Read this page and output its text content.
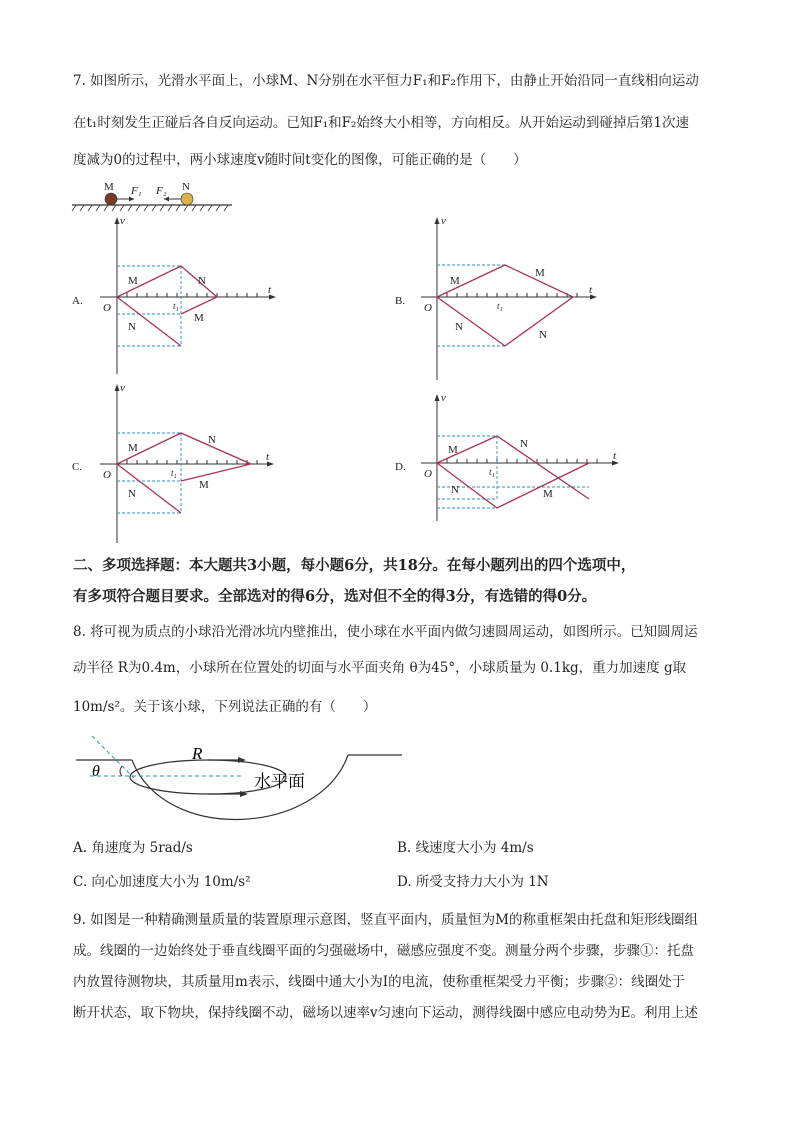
7. 如图所示，光滑水平面上，小球M、N分别在水平恒力F₁和F₂作用下，由静止开始沿同一直线相向运动
在t₁时刻发生正碰后各自反向运动。已知F₁和F₂始终大小相等，方向相反。从开始运动到碰掉后第1次速
度减为0的过程中，两小球速度v随时间t变化的图像，可能正确的是（　　）
M	N
F₁ F₂
A.
v
t
O	t₁
M	N
N
M
B.
v
t
O	t₁
M
M
N
N
C.
v
t
O	t₁
M
N
N
M
D.
v
t
O	t₁
M	N
N	M
二、多项选择题：本大题共3小题，每小题6分，共18分。在每小题列出的四个选项中，
有多项符合题目要求。全部选对的得6分，选对但不全的得3分，有选错的得0分。
8. 将可视为质点的小球沿光滑冰坑内壁推出，使小球在水平面内做匀速圆周运动，如图所示。已知圆周运
动半径 R为0.4m，小球所在位置处的切面与水平面夹角 θ为45°，小球质量为 0.1kg，重力加速度 g取
10m/s²。关于该小球，下列说法正确的有（　　）
R
θ
水平面
A. 角速度为 5rad/s	B. 线速度大小为 4m/s
C. 向心加速度大小为 10m/s²	D. 所受支持力大小为 1N
9. 如图是一种精确测量质量的装置原理示意图，竖直平面内，质量恒为M的称重框架由托盘和矩形线圈组
成。线圈的一边始终处于垂直线圈平面的匀强磁场中，磁感应强度不变。测量分两个步骤，步骤①：托盘
内放置待测物块，其质量用m表示，线圈中通大小为I的电流，使称重框架受力平衡；步骤②：线圈处于
断开状态，取下物块，保持线圈不动，磁场以速率v匀速向下运动，测得线圈中感应电动势为E。利用上述
